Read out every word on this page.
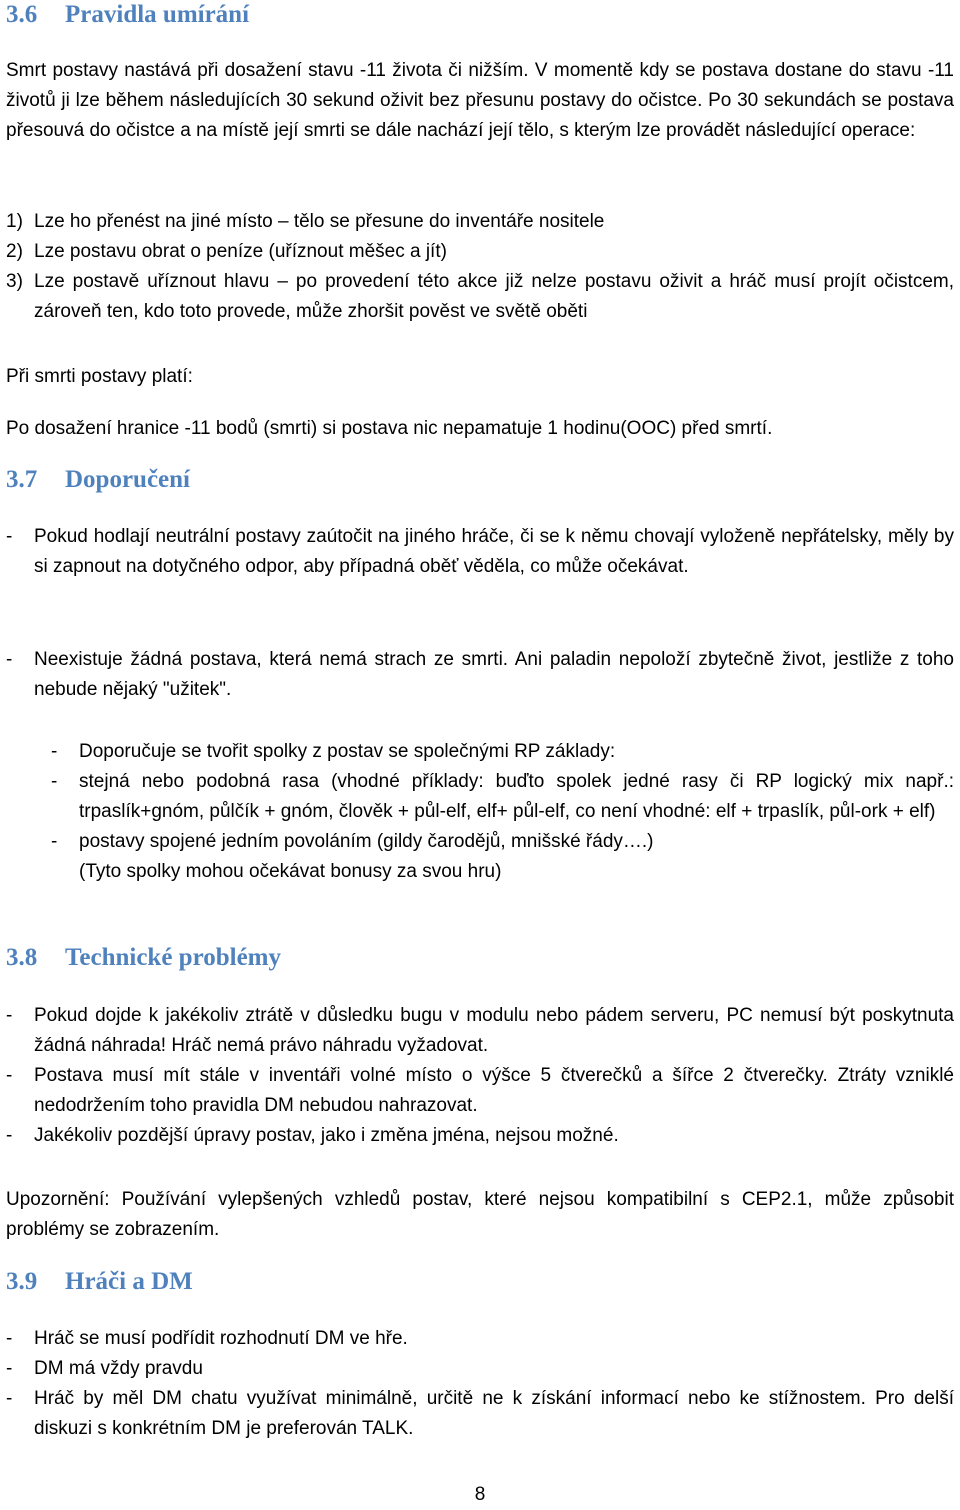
3.6 Pravidla umírání

Smrt postavy nastává při dosažení stavu -11 života či nižším. V momentě kdy se postava dostane do stavu -11 životů ji lze během následujících 30 sekund oživit bez přesunu postavy do očistce. Po 30 sekundách se postava přesouvá do očistce a na místě její smrti se dále nachází její tělo, s kterým lze provádět následující operace:

1) Lze ho přenést na jiné místo – tělo se přesune do inventáře nositele
2) Lze postavu obrat o peníze (uříznout měšec a jít)
3) Lze postavě uříznout hlavu – po provedení této akce již nelze postavu oživit a hráč musí projít očistcem, zároveň ten, kdo toto provede, může zhoršit pověst ve světě oběti

Při smrti postavy platí:

Po dosažení hranice -11 bodů (smrti) si postava nic nepamatuje 1 hodinu(OOC) před smrtí.

3.7 Doporučení
- Pokud hodlají neutrální postavy zaútočit na jiného hráče, či se k němu chovají vyloženě nepřátelsky, měly by si zapnout na dotyčného odpor, aby případná oběť věděla, co může očekávat.
- Neexistuje žádná postava, která nemá strach ze smrti. Ani paladin nepoloží zbytečně život, jestliže z toho nebude nějaký "užitek".
- Doporučuje se tvořit spolky z postav se společnými RP základy:
- stejná nebo podobná rasa (vhodné příklady: buďto spolek jedné rasy či RP logický mix např.: trpaslík+gnóm, půlčík + gnóm, člověk + půl-elf, elf+ půl-elf, co není vhodné: elf + trpaslík, půl-ork + elf)
- postavy spojené jedním povoláním (gildy čarodějů, mnišské řády….)
(Tyto spolky mohou očekávat bonusy za svou hru)
3.8 Technické problémy
- Pokud dojde k jakékoliv ztrátě v důsledku bugu v modulu nebo pádem serveru, PC nemusí být poskytnuta žádná náhrada! Hráč nemá právo náhradu vyžadovat.
- Postava musí mít stále v inventáři volné místo o výšce 5 čtverečků a šířce 2 čtverečky. Ztráty vzniklé nedodržením toho pravidla DM nebudou nahrazovat.
- Jakékoliv pozdější úpravy postav, jako i změna jména, nejsou možné.

Upozornění: Používání vylepšených vzhledů postav, které nejsou kompatibilní s CEP2.1, může způsobit problémy se zobrazením.

3.9 Hráči a DM
- Hráč se musí podřídit rozhodnutí DM ve hře.
- DM má vždy pravdu
- Hráč by měl DM chatu využívat minimálně, určitě ne k získání informací nebo ke stížnostem. Pro delší diskuzi s konkrétním DM je preferován TALK.
8
